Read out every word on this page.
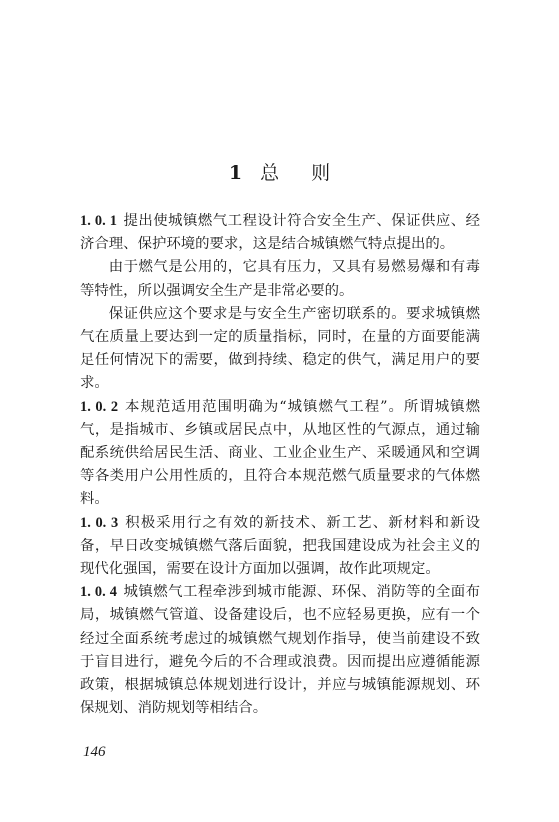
1 总 则

1. 0. 1 提出使城镇燃气工程设计符合安全生产、保证供应、经济合理、保护环境的要求，这是结合城镇燃气特点提出的。

由于燃气是公用的，它具有压力，又具有易燃易爆和有毒等特性，所以强调安全生产是非常必要的。

保证供应这个要求是与安全生产密切联系的。要求城镇燃气在质量上要达到一定的质量指标，同时，在量的方面要能满足任何情况下的需要，做到持续、稳定的供气，满足用户的要求。

1. 0. 2 本规范适用范围明确为“城镇燃气工程”。所谓城镇燃气，是指城市、乡镇或居民点中，从地区性的气源点，通过输配系统供给居民生活、商业、工业企业生产、采暖通风和空调等各类用户公用性质的，且符合本规范燃气质量要求的气体燃料。

1. 0. 3 积极采用行之有效的新技术、新工艺、新材料和新设备，早日改变城镇燃气落后面貌，把我国建设成为社会主义的现代化强国，需要在设计方面加以强调，故作此项规定。

1. 0. 4 城镇燃气工程牵涉到城市能源、环保、消防等的全面布局，城镇燃气管道、设备建设后，也不应轻易更换，应有一个经过全面系统考虑过的城镇燃气规划作指导，使当前建设不致于盲目进行，避免今后的不合理或浪费。因而提出应遵循能源政策，根据城镇总体规划进行设计，并应与城镇能源规划、环保规划、消防规划等相结合。

146
